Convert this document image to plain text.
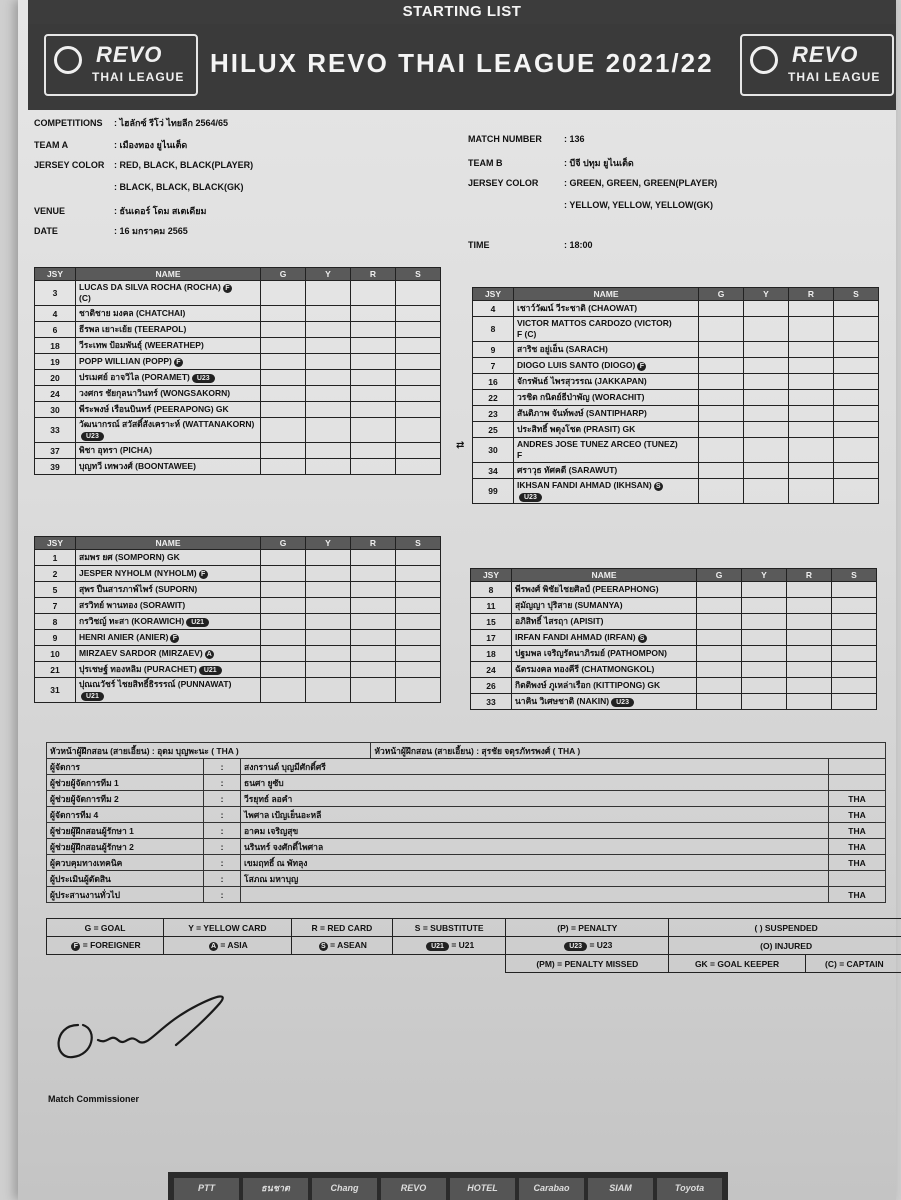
STARTING LIST
REVO
THAI LEAGUE HILUX REVO THAI LEAGUE 2021/22	REVO
THAI LEAGUE
COMPETITIONS : ไฮลักซ์ รีโว่ ไทยลีก 2564/65
TEAM A	: เมืองทอง ยูไนเต็ด
JERSEY COLOR : RED, BLACK, BLACK(PLAYER)
: BLACK, BLACK, BLACK(GK)
VENUE	: ธันเดอร์ โดม สเตเดียม
DATE	: 16 มกราคม 2565
MATCH NUMBER : 136
TEAM B	: บีจี ปทุม ยูไนเต็ด
JERSEY COLOR	: GREEN, GREEN, GREEN(PLAYER)
: YELLOW, YELLOW, YELLOW(GK)
TIME	: 18:00
JSY	NAME	G	Y	R	S
3	LUCAS DA SILVA ROCHA (ROCHA) F
(C)				
4	ชาติชาย มงคล (CHATCHAI)				
6	ธีรพล เยาะเย้ย (TEERAPOL)				
18	วีระเทพ ป้อมพันธุ์ (WEERATHEP)				
19	POPP WILLIAN (POPP) F				
20	ปรเมศย์ อาจวิไล (PORAMET) U23				
24	วงศกร ชัยกุลนาวินทร์ (WONGSAKORN)				
30	พีระพงษ์ เรือนบินทร์ (PEERAPONG) GK				
33	วัฒนากรณ์ สวัสดิ์สังเคราะห์ (WATTANAKORN)
U23				
37	พิชา อุทรา (PICHA)				
39	บุญทวี เทพวงศ์ (BOONTAWEE)				
JSY	NAME	G	Y	R	S
4	เชาว์วัฒน์ วีระชาติ (CHAOWAT)				
8	VICTOR MATTOS CARDOZO (VICTOR)
F (C)				
9	สาริช อยู่เย็น (SARACH)				
7	DIOGO LUIS SANTO (DIOGO) F				
16	จักรพันธ์ ไพรสุวรรณ (JAKKAPAN)				
22	วรชิต กนิตย์ธีป่าพัญ (WORACHIT)				
23	สันติภาพ จันท์พงษ์ (SANTIPHARP)				
25	ประสิทธิ์ พดุงโชต (PRASIT) GK				
30	ANDRES JOSE TUNEZ ARCEO (TUNEZ)
F				
34	ศราวุธ ทัศคดี (SARAWUT)				
99	IKHSAN FANDI AHMAD (IKHSAN) S
U23				
JSY	NAME	G	Y	R	S
1	สมพร ยศ (SOMPORN) GK				
2	JESPER NYHOLM (NYHOLM) F				
5	สุพร ปืนสารภาพ์ไพร์ (SUPORN)				
7	สรวิทย์ พานทอง (SORAWIT)				
8	กรวิชญ์ ทะสา (KORAWICH) U21				
9	HENRI ANIER (ANIER) F				
10	MIRZAEV SARDOR (MIRZAEV) A				
21	ปุรเชษฐ์ ทองหลิม (PURACHET) U21				
31	ปุณณวัชร์ ไชยสิทธิ์ธิรรรณ์ (PUNNAWAT)
U21				
JSY	NAME	G	Y	R	S
8	พีรพงศ์ พิชัยไชยศิลป์ (PEERAPHONG)				
11	สุมัญญา ปุริสาย (SUMANYA)				
15	อภิสิทธิ์ ไสรฤา (APISIT)				
17	IRFAN FANDI AHMAD (IRFAN) S				
18	ปฐมพล เจริญรัตนาภิรมย์ (PATHOMPON)				
24	ฉัตรมงคล ทองคีรี (CHATMONGKOL)				
26	กิตติพงษ์ ภูเหล่าเรือก (KITTIPONG) GK				
33	นาคิน วิเศษชาติ (NAKIN) U23				
⇄
หัวหน้าผู้ฝึกสอน (สายเอี้ยน) : อุดม บุญพะนะ ( THA )			หัวหน้าผู้ฝึกสอน (สายเอี้ยน) : สุรชัย จตุรภัทรพงศ์ ( THA )	
ผู้จัดการ	:	สงกรานต์ บุญมีศักดิ์ศรี		
ผู้ช่วยผู้จัดการทีม 1	:	ธนศา ยูซับ		
ผู้ช่วยผู้จัดการทีม 2	:	วีรยุทธ์ ลอคำ		THA
ผู้จัดการทีม 4	:	ไพศาล เป้ญเย็นอะหลี		THA
ผู้ช่วยผู้ฝึกสอนผู้รักษา 1	:	อาคม เจริญสุข		THA
ผู้ช่วยผู้ฝึกสอนผู้รักษา 2	:	นรินทร์ จงศักดิ์ไพศาล		THA
ผู้ควบคุมทางเทคนิค	:	เขมฤทธิ์ ณ พัทลุง		THA
ผู้ประเมินผู้ตัดสิน	:	โสภณ มหาบุญ		
ผู้ประสานงานทั่วไป	:			THA
G = GOAL	Y = YELLOW CARD	R = RED CARD	S = SUBSTITUTE	(P) = PENALTY	( ) SUSPENDED	
F = FOREIGNER	A = ASIA	S = ASEAN	U21 = U21	U23 = U23	(O) INJURED	
				(PM) = PENALTY MISSED	GK = GOAL KEEPER	(C) = CAPTAIN
Match Commissioner
PTT	ธนชาต	Chang	REVO	HOTEL	Carabao	SIAM	Toyota
